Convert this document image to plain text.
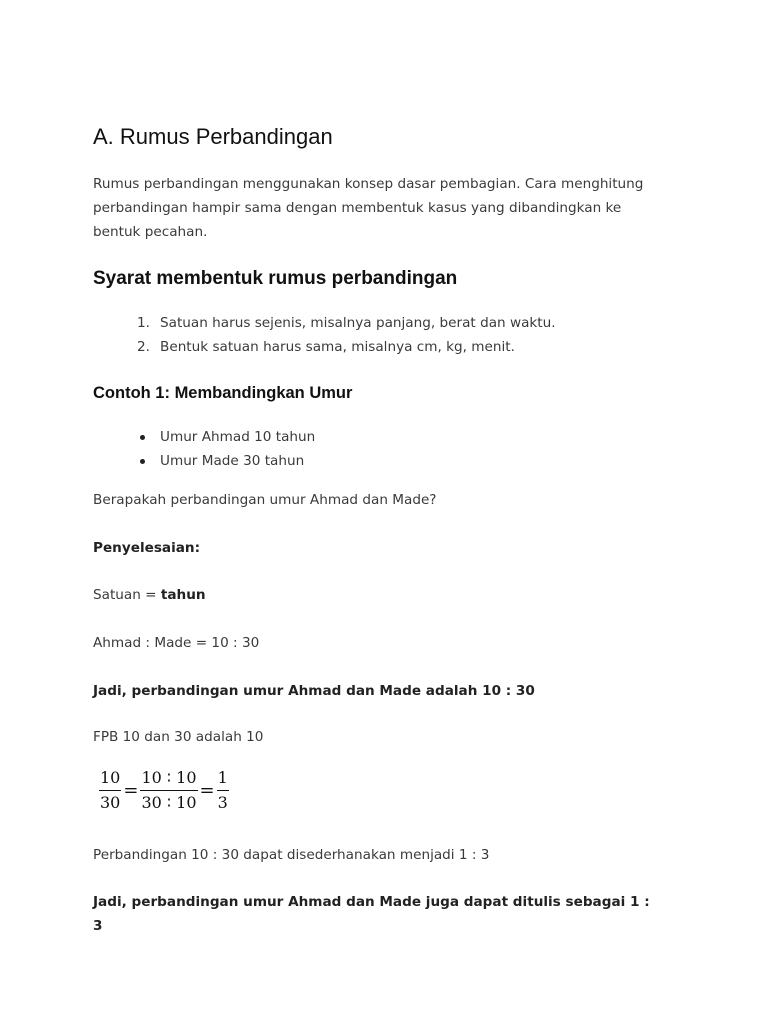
A. Rumus Perbandingan
Rumus perbandingan menggunakan konsep dasar pembagian. Cara menghitung
perbandingan hampir sama dengan membentuk kasus yang dibandingkan ke
bentuk pecahan.
Syarat membentuk rumus perbandingan
1. Satuan harus sejenis, misalnya panjang, berat dan waktu.
2. Bentuk satuan harus sama, misalnya cm, kg, menit.
Contoh 1: Membandingkan Umur
Umur Ahmad 10 tahun
Umur Made 30 tahun
Berapakah perbandingan umur Ahmad dan Made?
Penyelesaian:
Satuan = tahun
Ahmad : Made = 10 : 30
Jadi, perbandingan umur Ahmad dan Made adalah 10 : 30
FPB 10 dan 30 adalah 10
$\frac{10}{30} = \frac{10 ∶ 10}{30 ∶ 10} = \frac{1}{3}$
Perbandingan 10 : 30 dapat disederhanakan menjadi 1 : 3
Jadi, perbandingan umur Ahmad dan Made juga dapat ditulis sebagai 1 :
3
